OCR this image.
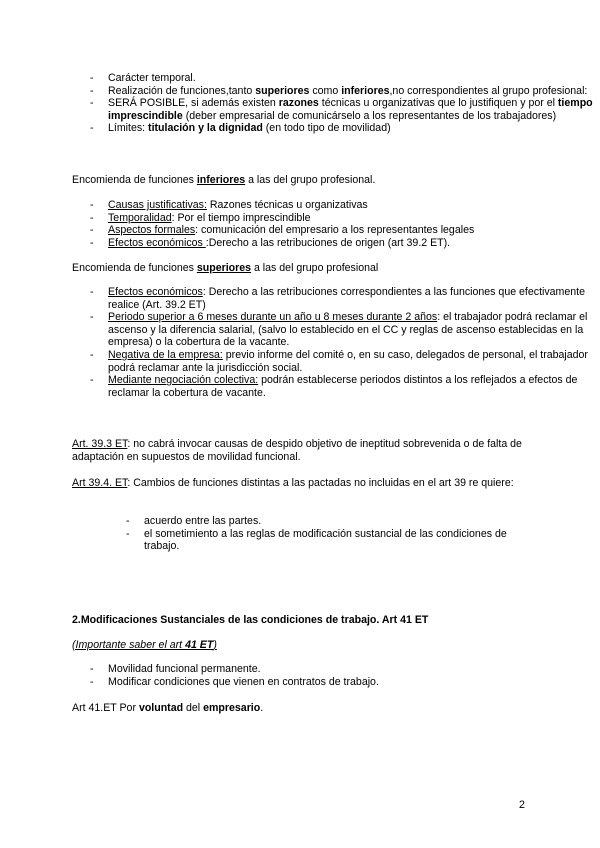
- Carácter temporal.
- Realización de funciones,tanto superiores como inferiores,no correspondientes al grupo profesional:
- SERÁ POSIBLE, si además existen razones técnicas u organizativas que lo justifiquen y por el tiempo imprescindible (deber empresarial de comunicárselo a los representantes de los trabajadores)
- Límites: titulación y la dignidad (en todo tipo de movilidad)
Encomienda de funciones inferiores a las del grupo profesional.
- Causas justificativas: Razones técnicas u organizativas
- Temporalidad: Por el tiempo imprescindible
- Aspectos formales: comunicación del empresario a los representantes legales
- Efectos económicos :Derecho a las retribuciones de origen (art 39.2 ET).
Encomienda de funciones superiores a las del grupo profesional
- Efectos económicos: Derecho a las retribuciones correspondientes a las funciones que efectivamente realice (Art. 39.2 ET)
- Periodo superior a 6 meses durante un año u 8 meses durante 2 años: el trabajador podrá reclamar el ascenso y la diferencia salarial, (salvo lo establecido en el CC y reglas de ascenso establecidas en la empresa) o la cobertura de la vacante.
- Negativa de la empresa: previo informe del comité o, en su caso, delegados de personal, el trabajador podrá reclamar ante la jurisdicción social.
- Mediante negociación colectiva: podrán establecerse periodos distintos a los reflejados a efectos de reclamar la cobertura de vacante.
Art. 39.3 ET: no cabrá invocar causas de despido objetivo de ineptitud sobrevenida o de falta de adaptación en supuestos de movilidad funcional.
Art 39.4. ET: Cambios de funciones distintas a las pactadas no incluidas en el art 39 re quiere:
- acuerdo entre las partes.
- el sometimiento a las reglas de modificación sustancial de las condiciones de trabajo.
2.Modificaciones Sustanciales de las condiciones de trabajo. Art 41 ET
(Importante saber el art 41 ET)
- Movilidad funcional permanente.
- Modificar condiciones que vienen en contratos de trabajo.
Art 41.ET Por voluntad del empresario.
2
